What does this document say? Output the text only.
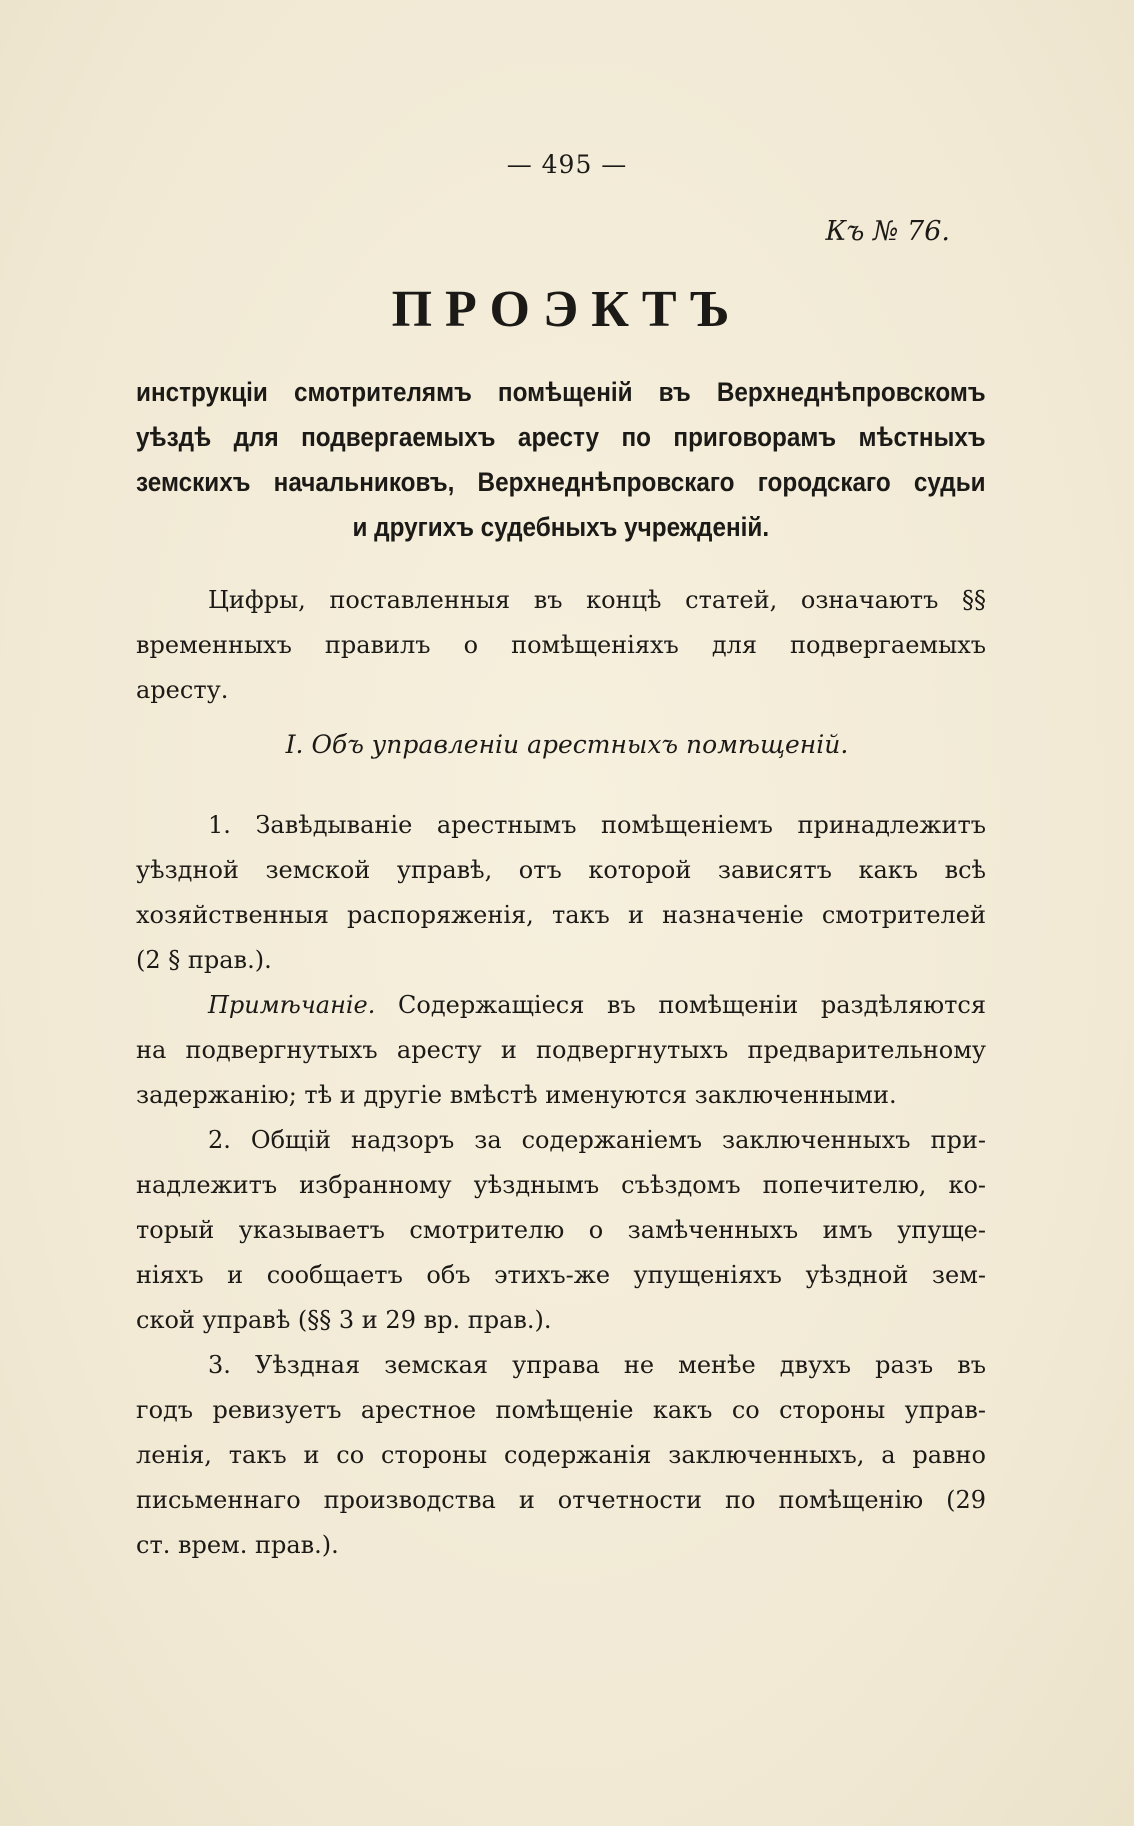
— 495 —
Къ № 76.
ПРОЭКТЪ
инструкціи смотрителямъ помѣщеній въ Верхнеднѣпровскомъ
уѣздѣ для подвергаемыхъ аресту по приговорамъ мѣстныхъ
земскихъ начальниковъ, Верхнеднѣпровскаго городскаго судьи
и другихъ судебныхъ учрежденій.

Цифры, поставленныя въ концѣ статей, означаютъ §§
временныхъ правилъ о помѣщеніяхъ для подвергаемыхъ
аресту.

I. Объ управленіи арестныхъ помѣщеній.

1. Завѣдываніе арестнымъ помѣщеніемъ принадлежитъ
уѣздной земской управѣ, отъ которой зависятъ какъ всѣ
хозяйственныя распоряженія, такъ и назначеніе смотрителей
(2 § прав.).

Примѣчаніе. Содержащіеся въ помѣщеніи раздѣляются
на подвергнутыхъ аресту и подвергнутыхъ предварительному
задержанію; тѣ и другіе вмѣстѣ именуются заключенными.

2. Общій надзоръ за содержаніемъ заключенныхъ при-
надлежитъ избранному уѣзднымъ съѣздомъ попечителю, ко-
торый указываетъ смотрителю о замѣченныхъ имъ упуще-
ніяхъ и сообщаетъ объ этихъ-же упущеніяхъ уѣздной зем-
ской управѣ (§§ 3 и 29 вр. прав.).

3. Уѣздная земская управа не менѣе двухъ разъ въ
годъ ревизуетъ арестное помѣщеніе какъ со стороны управ-
ленія, такъ и со стороны содержанія заключенныхъ, а равно
письменнаго производства и отчетности по помѣщенію (29
ст. врем. прав.).
